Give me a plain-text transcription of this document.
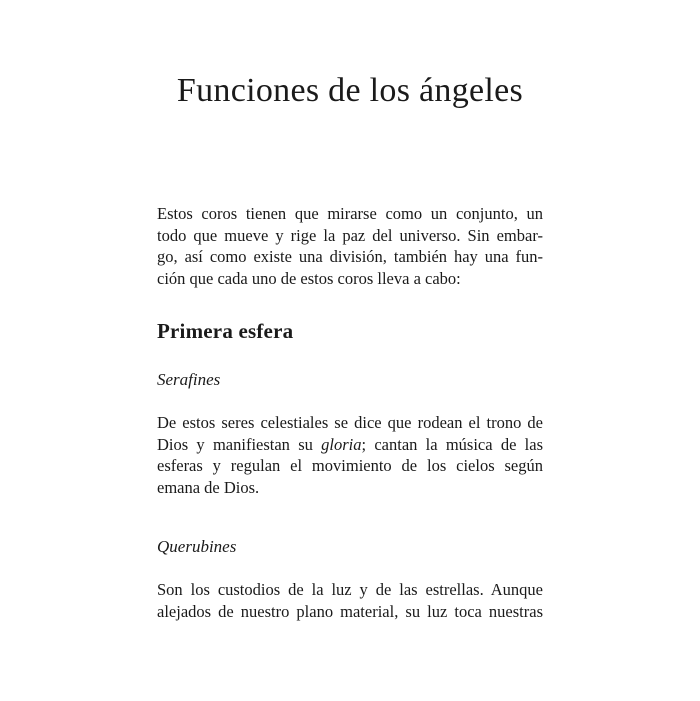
Funciones de los ángeles

Estos coros tienen que mirarse como un conjunto, un
todo que mueve y rige la paz del universo. Sin embar-
go, así como existe una división, también hay una fun-
ción que cada uno de estos coros lleva a cabo:

Primera esfera
Serafines

De estos seres celestiales se dice que rodean el trono de
Dios y manifiestan su gloria; cantan la música de las
esferas y regulan el movimiento de los cielos según
emana de Dios.

Querubines

Son los custodios de la luz y de las estrellas. Aunque
alejados de nuestro plano material, su luz toca nuestras
